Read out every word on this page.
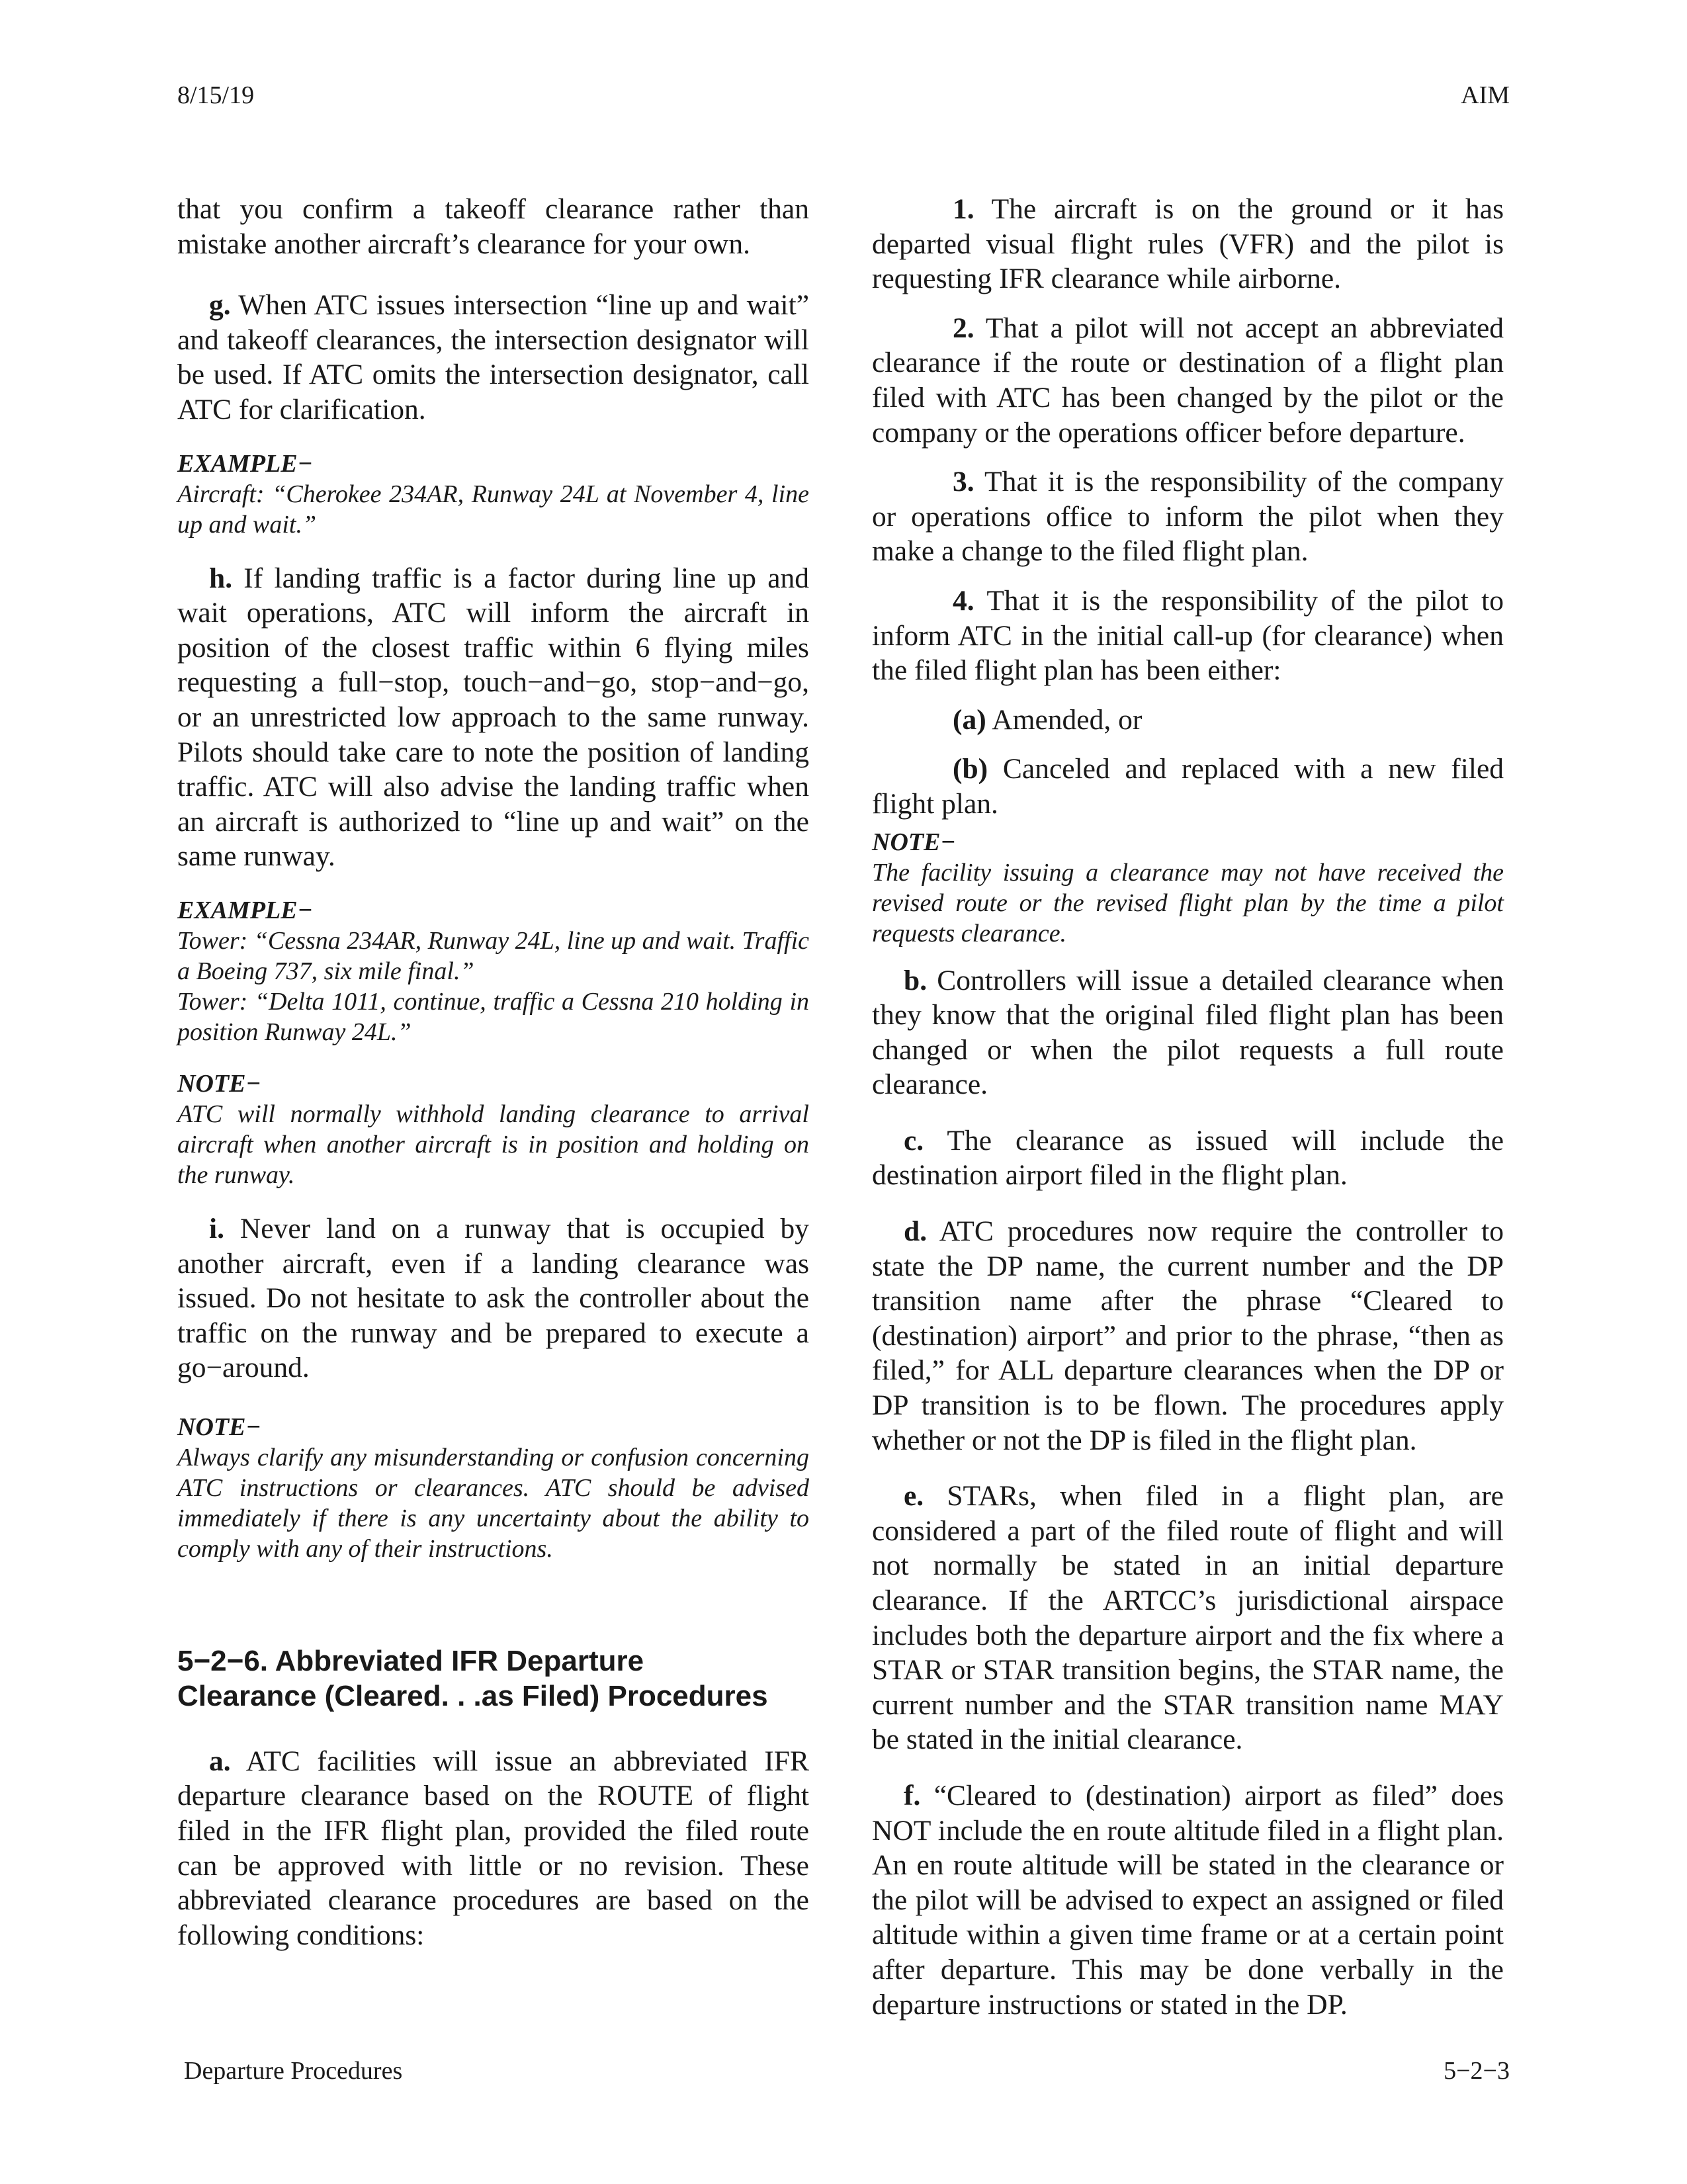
8/15/19	AIM

that you confirm a takeoff clearance rather than mistake another aircraft’s clearance for your own.

g. When ATC issues intersection “line up and wait” and takeoff clearances, the intersection designator will be used. If ATC omits the intersection designator, call ATC for clarification.

EXAMPLE−
Aircraft: “Cherokee 234AR, Runway 24L at November 4, line up and wait.”

h. If landing traffic is a factor during line up and wait operations, ATC will inform the aircraft in position of the closest traffic within 6 flying miles requesting a full−stop, touch−and−go, stop−and−go, or an unrestricted low approach to the same runway. Pilots should take care to note the position of landing traffic. ATC will also advise the landing traffic when an aircraft is authorized to “line up and wait” on the same runway.

EXAMPLE−
Tower: “Cessna 234AR, Runway 24L, line up and wait. Traffic a Boeing 737, six mile final.”
Tower: “Delta 1011, continue, traffic a Cessna 210 holding in position Runway 24L.”
NOTE−
ATC will normally withhold landing clearance to arrival aircraft when another aircraft is in position and holding on the runway.

i. Never land on a runway that is occupied by another aircraft, even if a landing clearance was issued. Do not hesitate to ask the controller about the traffic on the runway and be prepared to execute a go−around.

NOTE−
Always clarify any misunderstanding or confusion concerning ATC instructions or clearances. ATC should be advised immediately if there is any uncertainty about the ability to comply with any of their instructions.
5−2−6. Abbreviated IFR Departure
Clearance (Cleared. . .as Filed) Procedures

a. ATC facilities will issue an abbreviated IFR departure clearance based on the ROUTE of flight filed in the IFR flight plan, provided the filed route can be approved with little or no revision. These abbreviated clearance procedures are based on the following conditions:

1. The aircraft is on the ground or it has departed visual flight rules (VFR) and the pilot is requesting IFR clearance while airborne.

2. That a pilot will not accept an abbreviated clearance if the route or destination of a flight plan filed with ATC has been changed by the pilot or the company or the operations officer before departure.

3. That it is the responsibility of the company or operations office to inform the pilot when they make a change to the filed flight plan.

4. That it is the responsibility of the pilot to inform ATC in the initial call-up (for clearance) when the filed flight plan has been either:

(a) Amended, or

(b) Canceled and replaced with a new filed flight plan.

NOTE−
The facility issuing a clearance may not have received the revised route or the revised flight plan by the time a pilot requests clearance.

b. Controllers will issue a detailed clearance when they know that the original filed flight plan has been changed or when the pilot requests a full route clearance.

c. The clearance as issued will include the destination airport filed in the flight plan.

d. ATC procedures now require the controller to state the DP name, the current number and the DP transition name after the phrase “Cleared to (destination) airport” and prior to the phrase, “then as filed,” for ALL departure clearances when the DP or DP transition is to be flown. The procedures apply whether or not the DP is filed in the flight plan.

e. STARs, when filed in a flight plan, are considered a part of the filed route of flight and will not normally be stated in an initial departure clearance. If the ARTCC’s jurisdictional airspace includes both the departure airport and the fix where a STAR or STAR transition begins, the STAR name, the current number and the STAR transition name MAY be stated in the initial clearance.

f. “Cleared to (destination) airport as filed” does NOT include the en route altitude filed in a flight plan. An en route altitude will be stated in the clearance or the pilot will be advised to expect an assigned or filed altitude within a given time frame or at a certain point after departure. This may be done verbally in the departure instructions or stated in the DP.

Departure Procedures	5−2−3
